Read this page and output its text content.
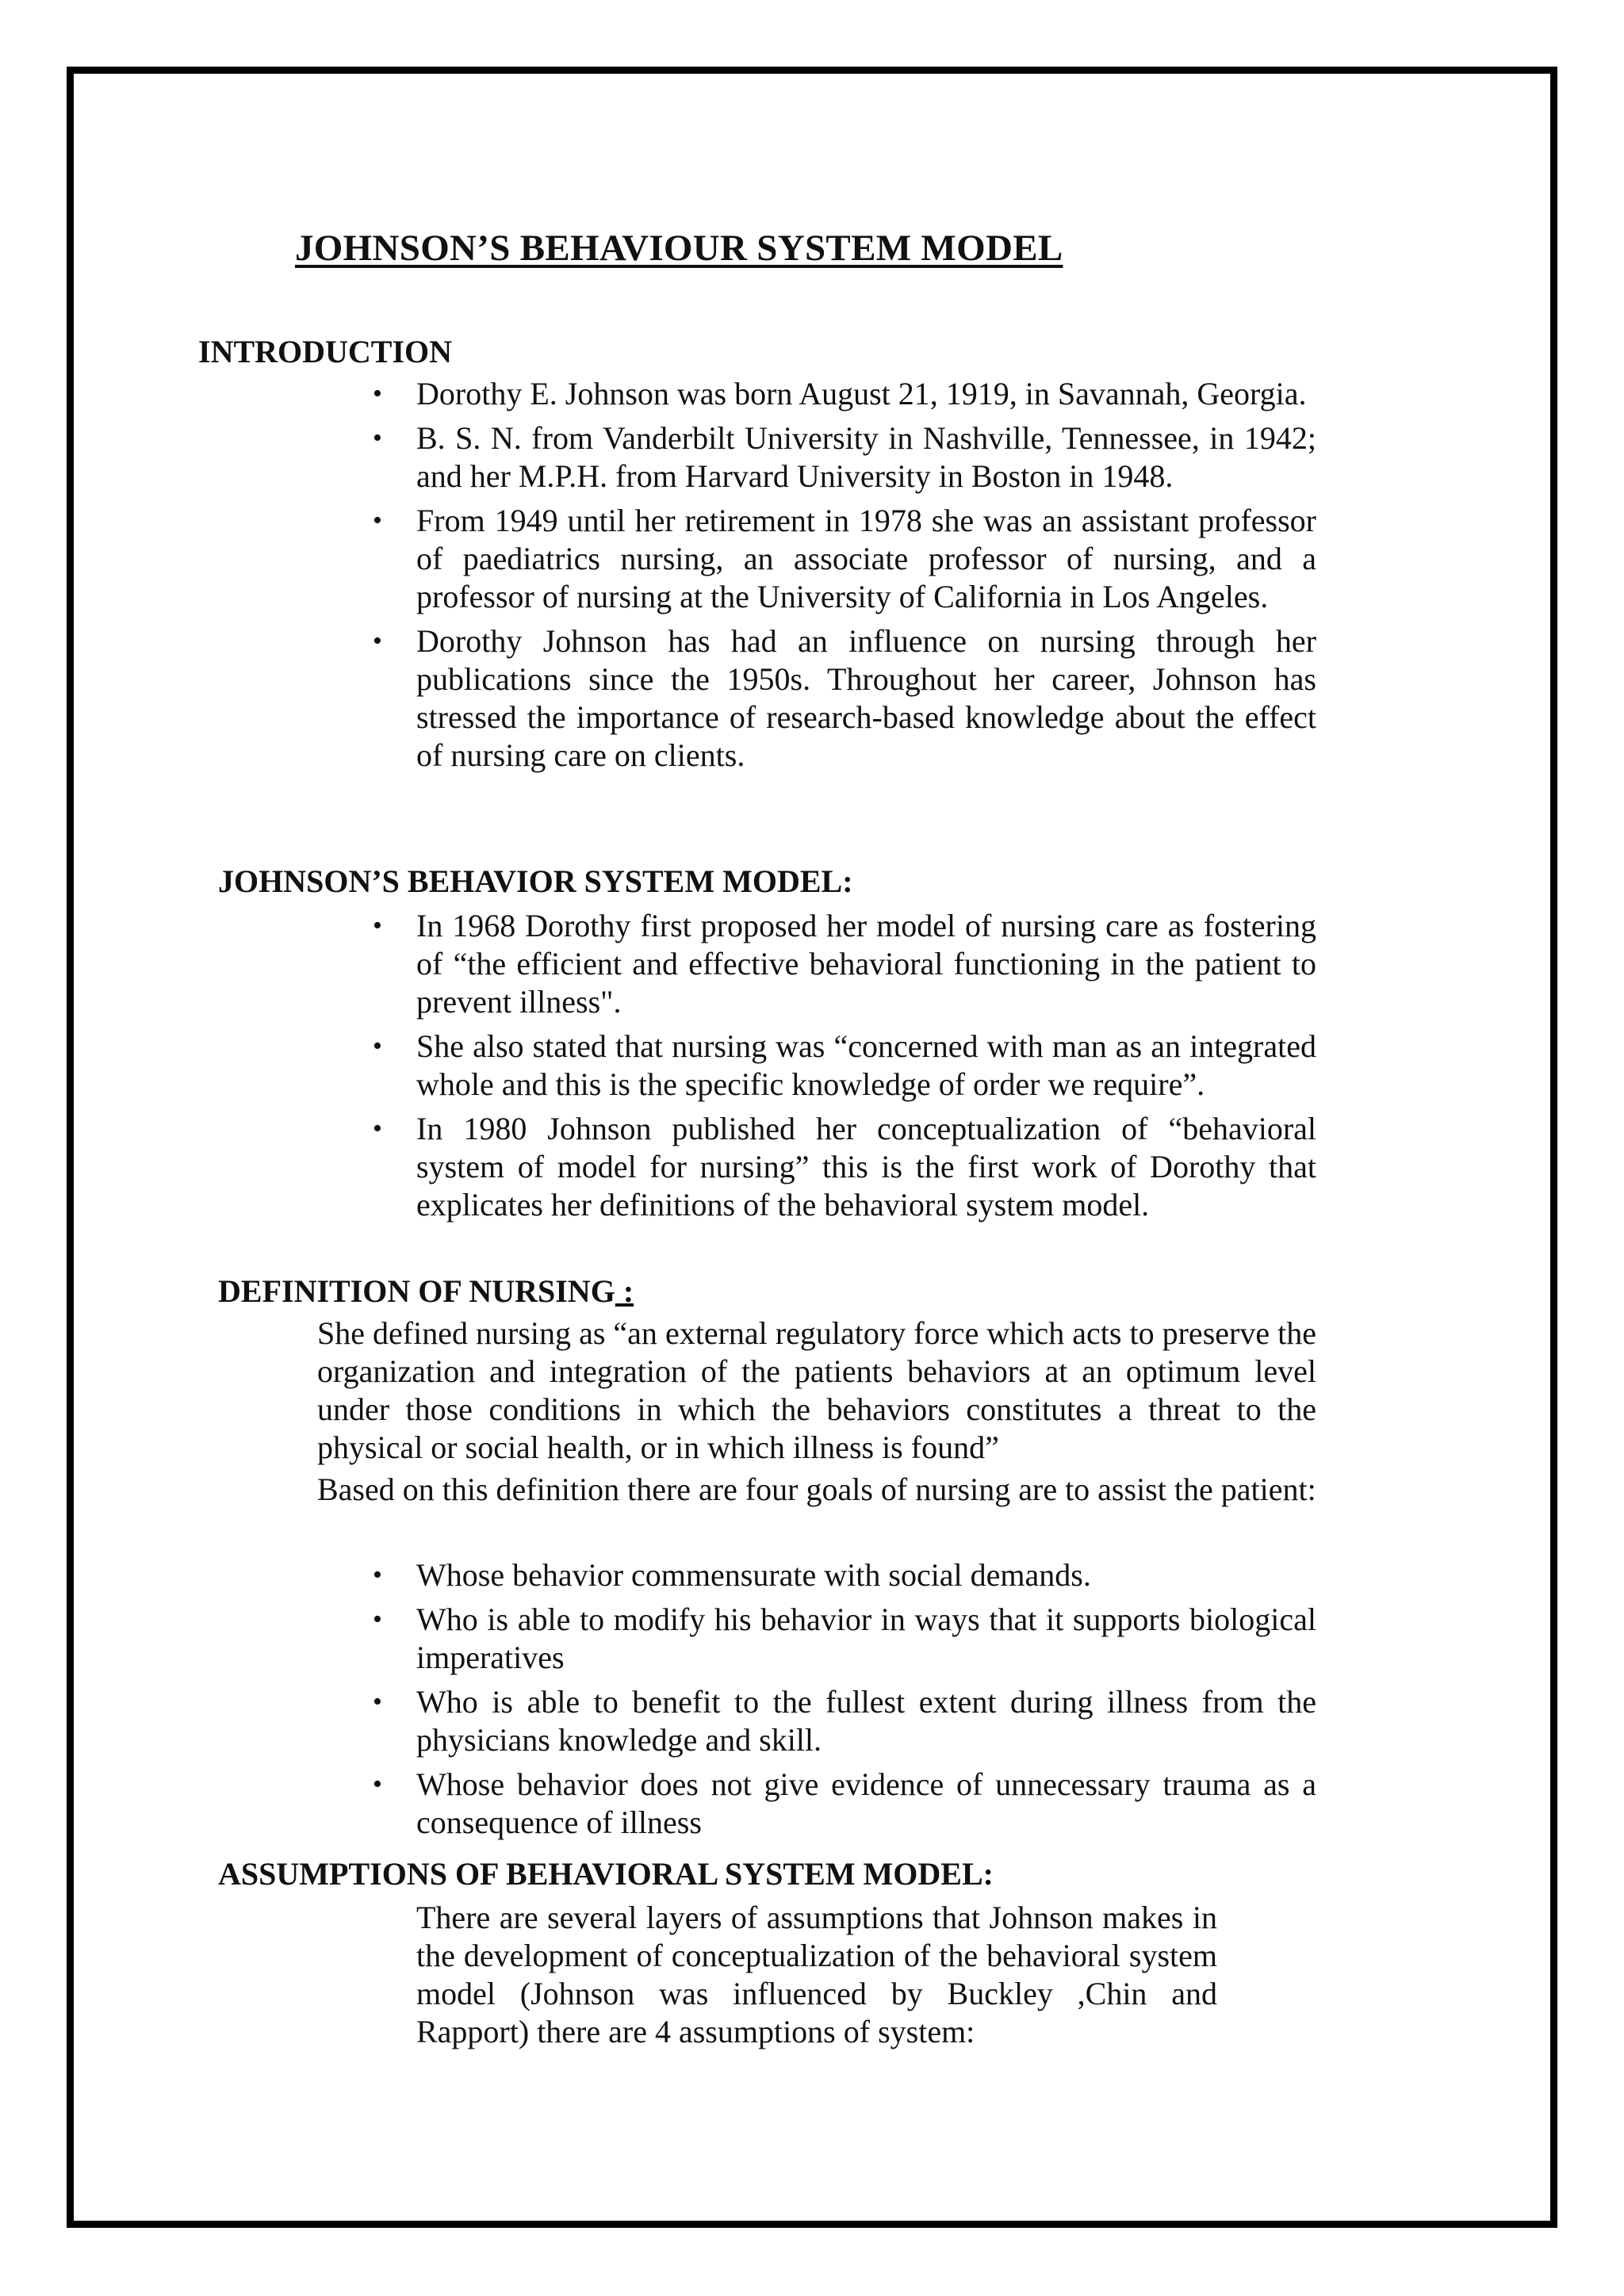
JOHNSON’S BEHAVIOUR SYSTEM MODEL
INTRODUCTION
• Dorothy E. Johnson was born August 21, 1919, in Savannah, Georgia.
• B. S. N. from Vanderbilt University in Nashville, Tennessee, in 1942; and her M.P.H. from Harvard University in Boston in 1948.
• From 1949 until her retirement in 1978 she was an assistant professor of paediatrics nursing, an associate professor of nursing, and a professor of nursing at the University of California in Los Angeles.
• Dorothy Johnson has had an influence on nursing through her publications since the 1950s. Throughout her career, Johnson has stressed the importance of research-based knowledge about the effect of nursing care on clients.
JOHNSON’S BEHAVIOR SYSTEM MODEL:
• In 1968 Dorothy first proposed her model of nursing care as fostering of “the efficient and effective behavioral functioning in the patient to prevent illness".
• She also stated that nursing was “concerned with man as an integrated whole and this is the specific knowledge of order we require”.
• In 1980 Johnson published her conceptualization of “behavioral system of model for nursing” this is the first work of Dorothy that explicates her definitions of the behavioral system model.
DEFINITION OF NURSING :

She defined nursing as “an external regulatory force which acts to preserve the organization and integration of the patients behaviors at an optimum level under those conditions in which the behaviors constitutes a threat to the physical or social health, or in which illness is found”

Based on this definition there are four goals of nursing are to assist the patient:

• Whose behavior commensurate with social demands.
• Who is able to modify his behavior in ways that it supports biological imperatives
• Who is able to benefit to the fullest extent during illness from the physicians knowledge and skill.
• Whose behavior does not give evidence of unnecessary trauma as a consequence of illness
ASSUMPTIONS OF BEHAVIORAL SYSTEM MODEL:

There are several layers of assumptions that Johnson makes in the development of conceptualization of the behavioral system model (Johnson was influenced by Buckley ,Chin and Rapport) there are 4 assumptions of system:
